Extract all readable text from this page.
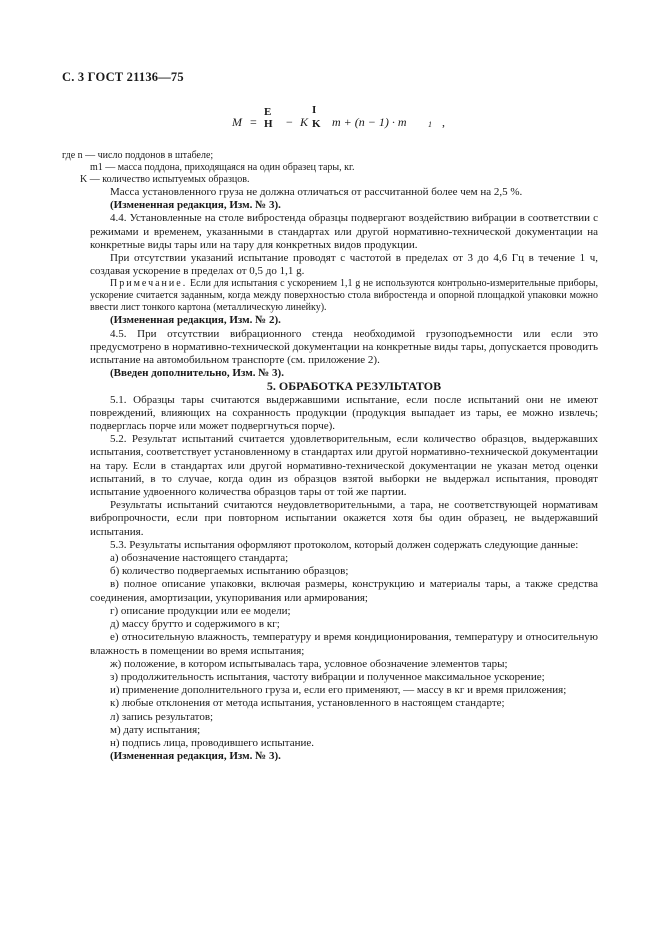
С. 3 ГОСТ 21136—75
M =
E
H − K
I
K m + (n − 1) · m	1 ,
где n — число поддонов в штабеле;
m1 — масса поддона, приходящаяся на один образец тары, кг.
K — количество испытуемых образцов.

Масса установленного груза не должна отличаться от рассчитанной более чем на 2,5 %.

(Измененная редакция, Изм. № 3).

4.4. Установленные на столе вибростенда образцы подвергают воздействию вибрации в соответствии с режимами и временем, указанными в стандартах или другой нормативно-технической документации на конкретные виды тары или на тару для конкретных видов продукции.

При отсутствии указаний испытание проводят с частотой в пределах от 3 до 4,6 Гц в течение 1 ч, создавая ускорение в пределах от 0,5 до 1,1 g.

Примечание. Если для испытания с ускорением 1,1 g не используются контрольно-измерительные приборы, ускорение считается заданным, когда между поверхностью стола вибростенда и опорной площадкой упаковки можно ввести лист тонкого картона (металлическую линейку).

(Измененная редакция, Изм. № 2).

4.5. При отсутствии вибрационного стенда необходимой грузоподъемности или если это предусмотрено в нормативно-технической документации на конкретные виды тары, допускается проводить испытание на автомобильном транспорте (см. приложение 2).

(Введен дополнительно, Изм. № 3).

5. ОБРАБОТКА РЕЗУЛЬТАТОВ

5.1. Образцы тары считаются выдержавшими испытание, если после испытаний они не имеют повреждений, влияющих на сохранность продукции (продукция выпадает из тары, ее можно извлечь; подверглась порче или может подвергнуться порче).

5.2. Результат испытаний считается удовлетворительным, если количество образцов, выдержавших испытания, соответствует установленному в стандартах или другой нормативно-технической документации на тару. Если в стандартах или другой нормативно-технической документации не указан метод оценки испытаний, в то случае, когда один из образцов взятой выборки не выдержал испытания, проводят испытание удвоенного количества образцов тары от той же партии.

Результаты испытаний считаются неудовлетворительными, а тара, не соответствующей нормативам вибропрочности, если при повторном испытании окажется хотя бы один образец, не выдержавший испытания.

5.3. Результаты испытания оформляют протоколом, который должен содержать следующие данные:

а) обозначение настоящего стандарта;

б) количество подвергаемых испытанию образцов;

в) полное описание упаковки, включая размеры, конструкцию и материалы тары, а также средства соединения, амортизации, укупоривания или армирования;

г) описание продукции или ее модели;

д) массу брутто и содержимого в кг;

е) относительную влажность, температуру и время кондиционирования, температуру и относительную влажность в помещении во время испытания;

ж) положение, в котором испытывалась тара, условное обозначение элементов тары;

з) продолжительность испытания, частоту вибрации и полученное максимальное ускорение;

и) применение дополнительного груза и, если его применяют, — массу в кг и время приложения;

к) любые отклонения от метода испытания, установленного в настоящем стандарте;

л) запись результатов;

м) дату испытания;

н) подпись лица, проводившего испытание.

(Измененная редакция, Изм. № 3).
